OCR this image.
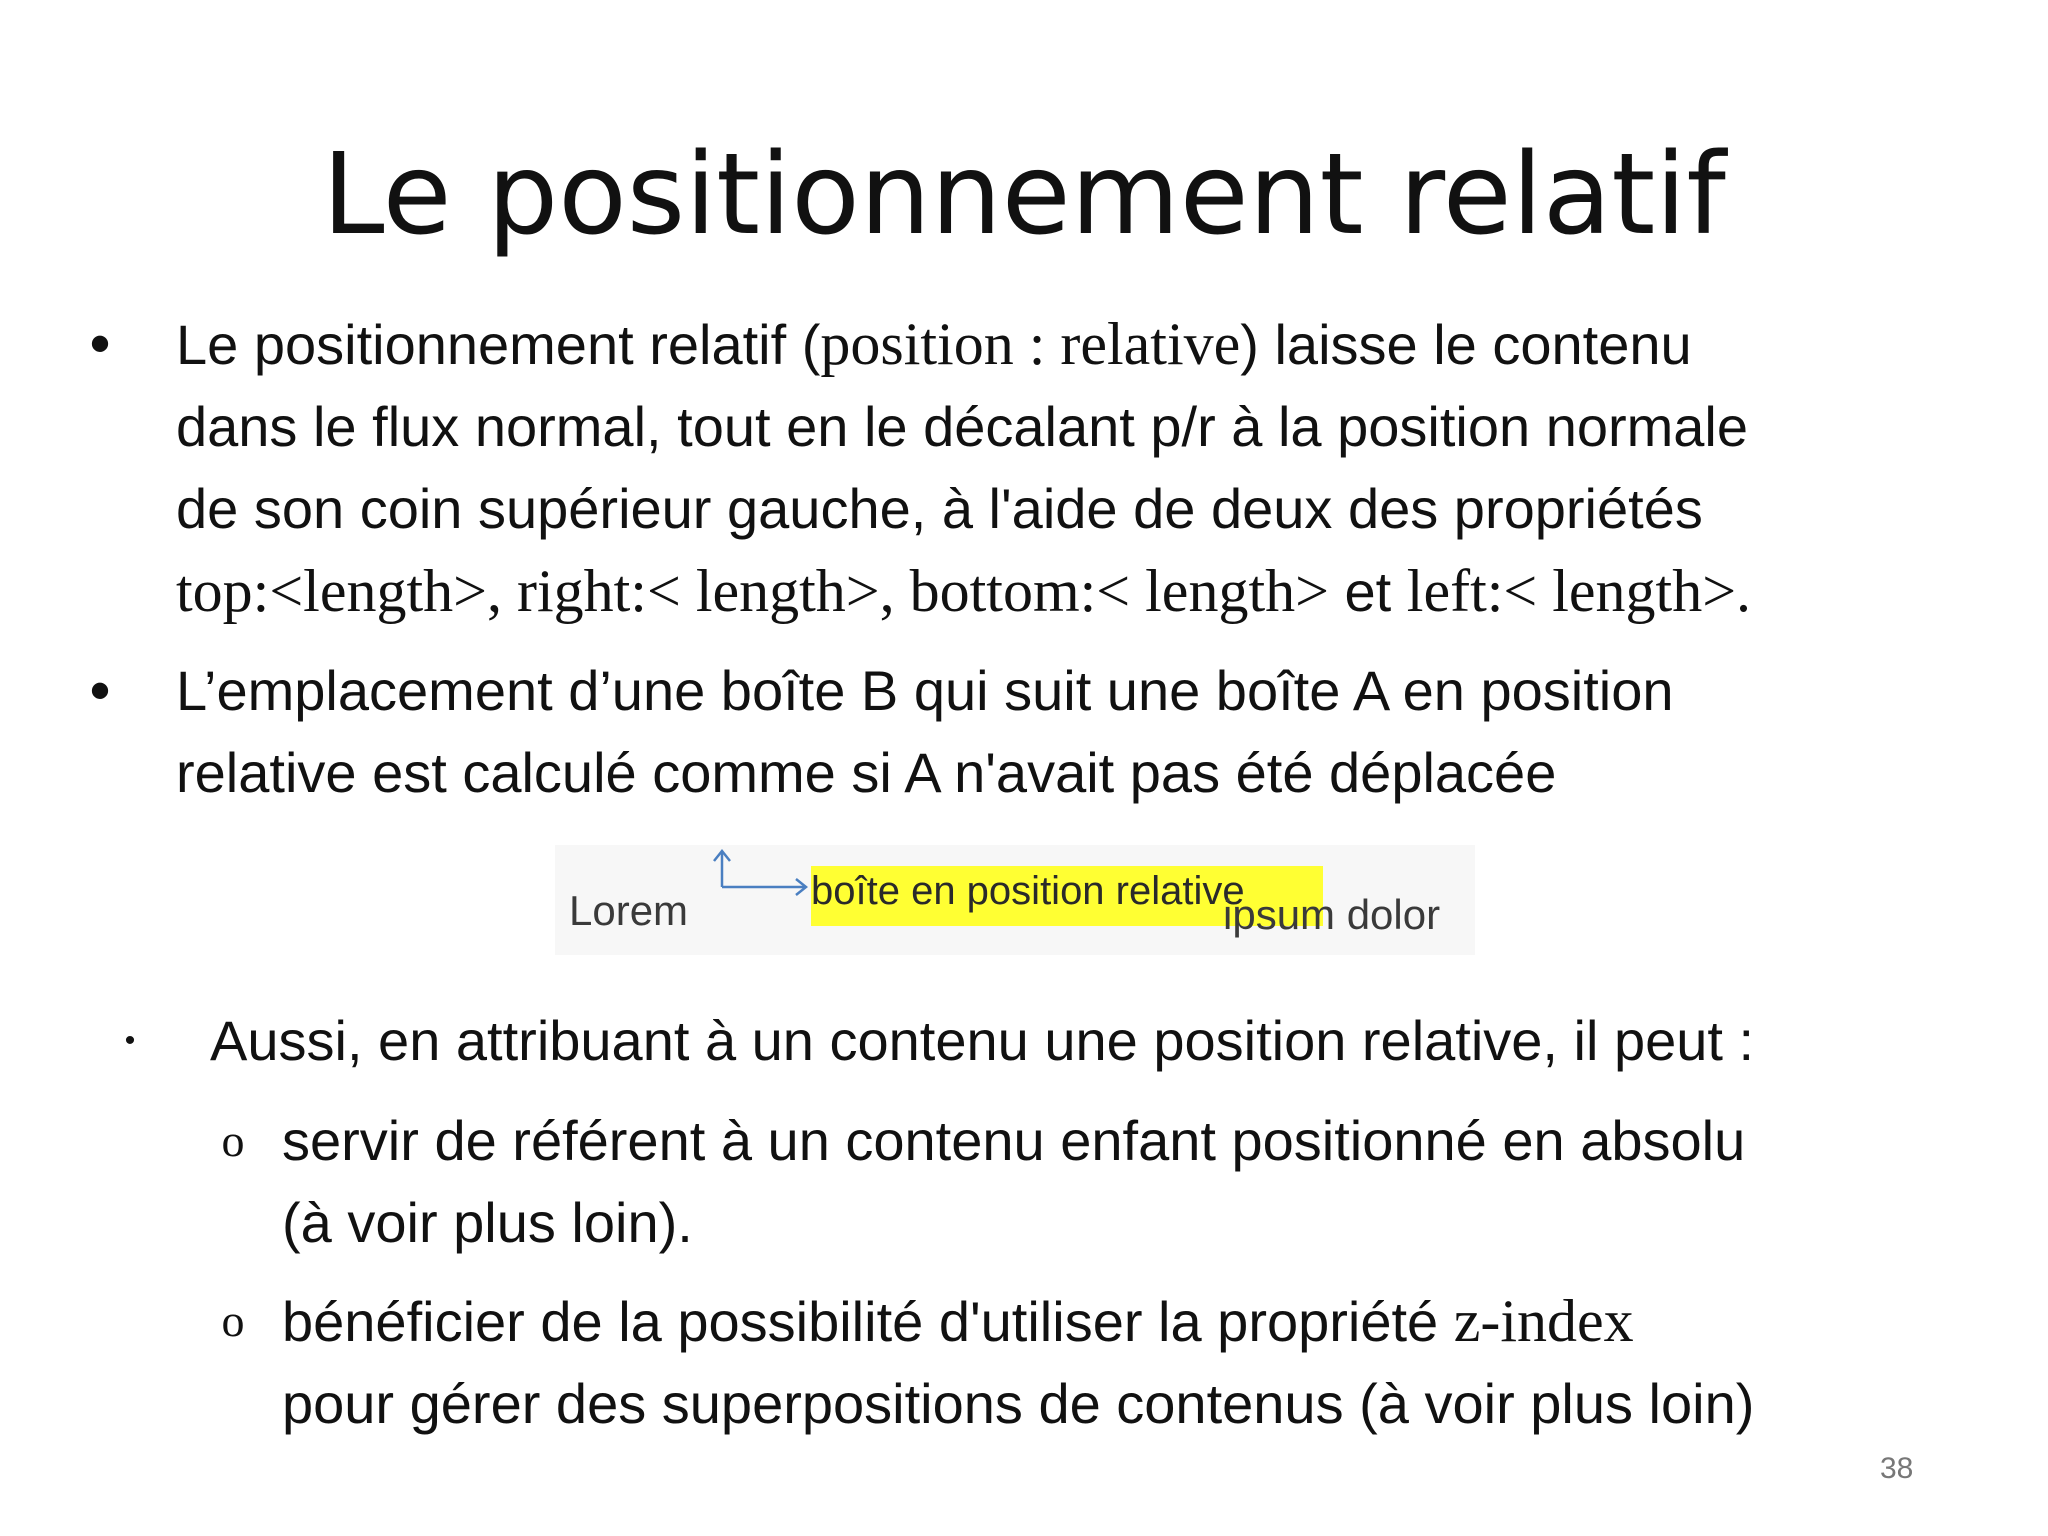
Le positionnement relatif
• Le positionnement relatif (position : relative) laisse le contenu
dans le flux normal, tout en le décalant p/r à la position normale
de son coin supérieur gauche, à l'aide de deux des propriétés
top:<length>, right:< length>, bottom:< length> et left:< length>.
• L’emplacement d’une boîte B qui suit une boîte A en position
relative est calculé comme si A n'avait pas été déplacée
Lorem	boîte en position relative
ipsum dolor
• Aussi, en attribuant à un contenu une position relative, il peut :
o servir de référent à un contenu enfant positionné en absolu
(à voir plus loin).
o bénéficier de la possibilité d'utiliser la propriété z-index
pour gérer des superpositions de contenus (à voir plus loin)
38
